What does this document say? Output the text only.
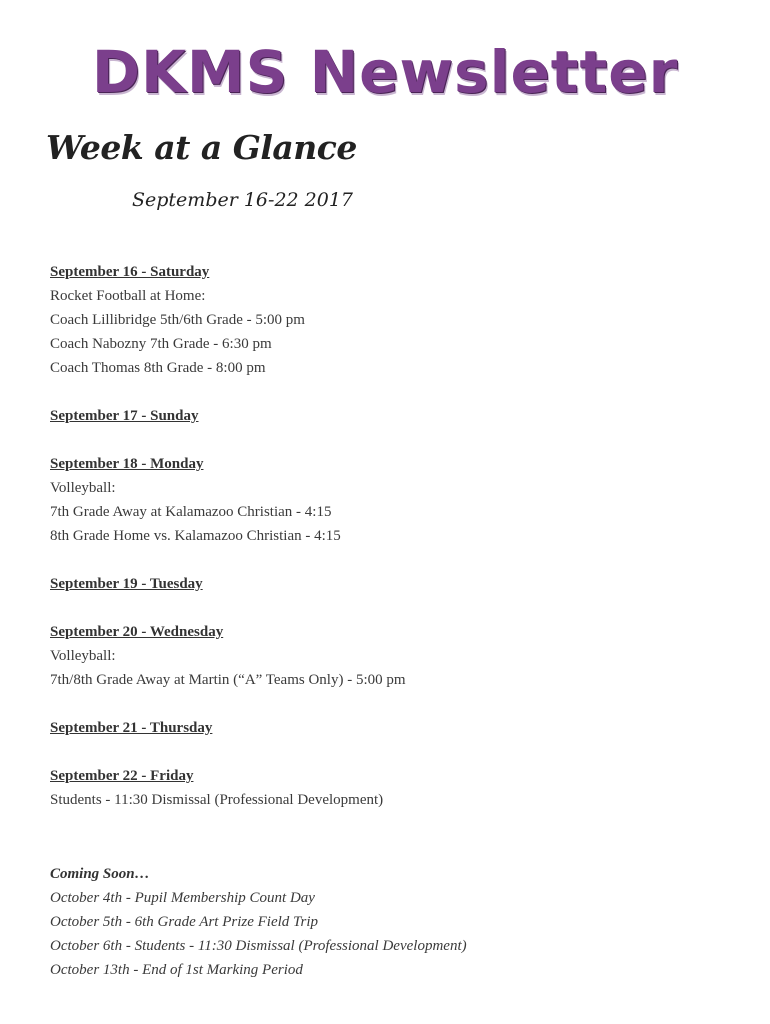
DKMS Newsletter
Week at a Glance
September 16-22 2017
September 16 - Saturday
Rocket Football at Home:
Coach Lillibridge 5th/6th Grade - 5:00 pm
Coach Nabozny 7th Grade - 6:30 pm
Coach Thomas 8th Grade - 8:00 pm
September 17 - Sunday
September 18 - Monday
Volleyball:
7th Grade Away at Kalamazoo Christian - 4:15
8th Grade Home vs. Kalamazoo Christian - 4:15
September 19 - Tuesday
September 20 - Wednesday
Volleyball:
7th/8th Grade Away at Martin (“A” Teams Only) - 5:00 pm
September 21 - Thursday
September 22 - Friday
Students - 11:30 Dismissal (Professional Development)
Coming Soon…
October 4th - Pupil Membership Count Day
October 5th - 6th Grade Art Prize Field Trip
October 6th - Students - 11:30 Dismissal (Professional Development)
October 13th - End of 1st Marking Period
